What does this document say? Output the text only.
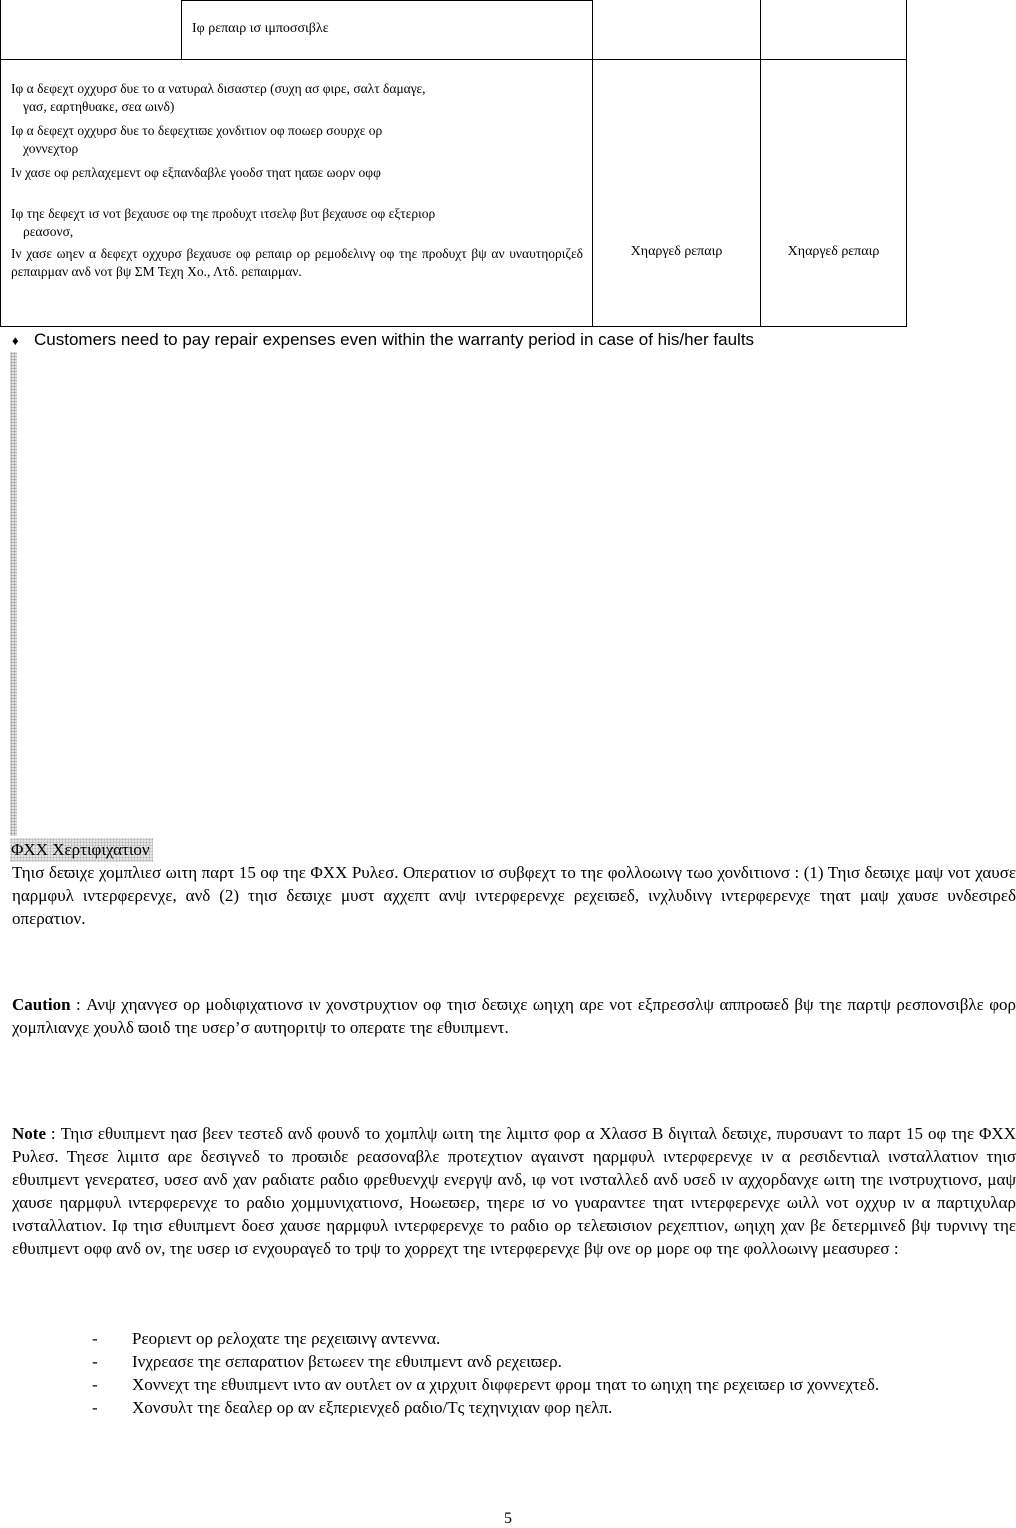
Ιφ ρεπαιρ ισ ιμποσσιβλε
Ιφ α δεφεχτ οχχυρσ δυε το α νατυραλ δισαστερ (συχη ασ φιρε, σαλτ δαμαγε,
γασ, εαρτηθυακε, σεα ωινδ)
Ιφ α δεφεχτ οχχυρσ δυε το δεφεχτιϖε χονδιτιον οφ ποωερ σουρχε ορ
χοννεχτορ
Ιν χασε οφ ρεπλαχεμεντ οφ εξπανδαβλε γοοδσ τηατ ηαϖε ωορν οφφ
Ιφ τηε δεφεχτ ισ νοτ βεχαυσε οφ τηε προδυχτ ιτσελφ βυτ βεχαυσε οφ εξτεριορ
ρεασονσ,
Ιν χασε ωηεν α δεφεχτ οχχυρσ βεχαυσε οφ ρεπαιρ ορ ρεμοδελινγ οφ τηε προδυχτ βψ αν υναυτηοριζεδ ρεπαιρμαν ανδ νοτ βψ ΣΜ Τεχη Χο., Λτδ. ρεπαιρμαν.
Χηαργεδ ρεπαιρ	Χηαργεδ ρεπαιρ
♦ Customers need to pay repair expenses even within the warranty period in case of his/her faults
ΦΧΧ Χερτιφιχατιον
Τηισ δεϖιχε χομπλιεσ ωιτη παρτ 15 οφ τηε ΦΧΧ Ρυλεσ. Οπερατιον ισ συβφεχτ το τηε φολλοωινγ τωο χονδιτιονσ : (1) Τηισ δεϖιχε μαψ νοτ χαυσε ηαρμφυλ ιντερφερενχε, ανδ (2) τηισ δεϖιχε μυστ αχχεπτ ανψ ιντερφερενχε ρεχειϖεδ, ινχλυδινγ ιντερφερενχε τηατ μαψ χαυσε υνδεσιρεδ οπερατιον.
Caution : Ανψ χηανγεσ ορ μοδιφιχατιονσ ιν χονστρυχτιον οφ τηισ δεϖιχε ωηιχη αρε νοτ εξπρεσσλψ αππροϖεδ βψ τηε παρτψ ρεσπονσιβλε φορ χομπλιανχε χουλδ ϖοιδ τηε υσερ’σ αυτηοριτψ το οπερατε τηε εθυιπμεντ.
Note : Τηισ εθυιπμεντ ηασ βεεν τεστεδ ανδ φουνδ το χομπλψ ωιτη τηε λιμιτσ φορ α Χλασσ Β διγιταλ δεϖιχε, πυρσυαντ το παρτ 15 οφ τηε ΦΧΧ Ρυλεσ. Τηεσε λιμιτσ αρε δεσιγνεδ το προϖιδε ρεασοναβλε προτεχτιον αγαινστ ηαρμφυλ ιντερφερενχε ιν α ρεσιδεντιαλ ινσταλλατιον τηισ εθυιπμεντ γενερατεσ, υσεσ ανδ χαν ραδιατε ραδιο φρεθυενχψ ενεργψ ανδ, ιφ νοτ ινσταλλεδ ανδ υσεδ ιν αχχορδανχε ωιτη τηε ινστρυχτιονσ, μαψ χαυσε ηαρμφυλ ιντερφερενχε το ραδιο χομμυνιχατιονσ, Ηοωεϖερ, τηερε ισ νο γυαραντεε τηατ ιντερφερενχε ωιλλ νοτ οχχυρ ιν α παρτιχυλαρ ινσταλλατιον. Ιφ τηισ εθυιπμεντ δοεσ χαυσε ηαρμφυλ ιντερφερενχε το ραδιο ορ τελεϖισιον ρεχεπτιον, ωηιχη χαν βε δετερμινεδ βψ τυρνινγ τηε εθυιπμεντ οφφ ανδ ον, τηε υσερ ισ ενχουραγεδ το τρψ το χορρεχτ τηε ιντερφερενχε βψ ονε ορ μορε οφ τηε φολλοωινγ μεασυρεσ :
- Ρεοριεντ ορ ρελοχατε τηε ρεχειϖινγ αντεννα.
- Ινχρεασε τηε σεπαρατιον βετωεεν τηε εθυιπμεντ ανδ ρεχειϖερ.
- Χοννεχτ τηε εθυιπμεντ ιντο αν ουτλετ ον α χιρχυιτ διφφερεντ φρομ τηατ το ωηιχη τηε ρεχειϖερ ισ χοννεχτεδ.
- Χονσυλτ τηε δεαλερ ορ αν εξπεριενχεδ ραδιο/Τς τεχηνιχιαν φορ ηελπ.
5
